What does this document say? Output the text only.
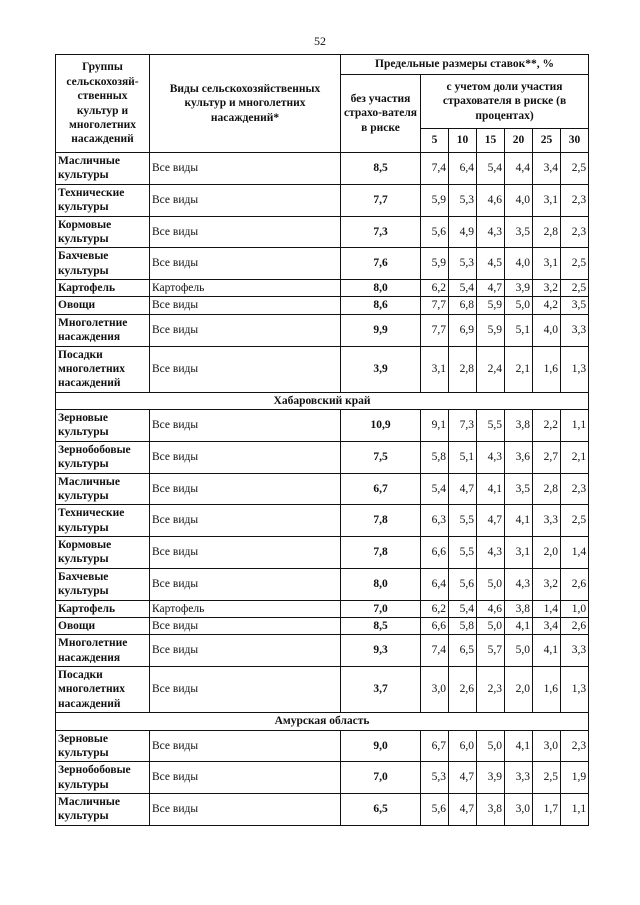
52
Группы сельскохозяй-ственных культур и многолетних насаждений	Виды сельскохозяйственных культур и многолетних насаждений*	Предельные размеры ставок**, %						
		без участия страхо-вателя в риске	с учетом доли участия страхователя в риске (в процентах)					
			5	10	15	20	25	30
Масличные культуры	Все виды	8,5	7,4	6,4	5,4	4,4	3,4	2,5
Технические культуры	Все виды	7,7	5,9	5,3	4,6	4,0	3,1	2,3
Кормовые культуры	Все виды	7,3	5,6	4,9	4,3	3,5	2,8	2,3
Бахчевые культуры	Все виды	7,6	5,9	5,3	4,5	4,0	3,1	2,5
Картофель	Картофель	8,0	6,2	5,4	4,7	3,9	3,2	2,5
Овощи	Все виды	8,6	7,7	6,8	5,9	5,0	4,2	3,5
Многолетние насаждения	Все виды	9,9	7,7	6,9	5,9	5,1	4,0	3,3
Посадки многолетних насаждений	Все виды	3,9	3,1	2,8	2,4	2,1	1,6	1,3
Хабаровский край								
Зерновые культуры	Все виды	10,9	9,1	7,3	5,5	3,8	2,2	1,1
Зернобобовые культуры	Все виды	7,5	5,8	5,1	4,3	3,6	2,7	2,1
Масличные культуры	Все виды	6,7	5,4	4,7	4,1	3,5	2,8	2,3
Технические культуры	Все виды	7,8	6,3	5,5	4,7	4,1	3,3	2,5
Кормовые культуры	Все виды	7,8	6,6	5,5	4,3	3,1	2,0	1,4
Бахчевые культуры	Все виды	8,0	6,4	5,6	5,0	4,3	3,2	2,6
Картофель	Картофель	7,0	6,2	5,4	4,6	3,8	1,4	1,0
Овощи	Все виды	8,5	6,6	5,8	5,0	4,1	3,4	2,6
Многолетние насаждения	Все виды	9,3	7,4	6,5	5,7	5,0	4,1	3,3
Посадки многолетних насаждений	Все виды	3,7	3,0	2,6	2,3	2,0	1,6	1,3
Амурская область								
Зерновые культуры	Все виды	9,0	6,7	6,0	5,0	4,1	3,0	2,3
Зернобобовые культуры	Все виды	7,0	5,3	4,7	3,9	3,3	2,5	1,9
Масличные культуры	Все виды	6,5	5,6	4,7	3,8	3,0	1,7	1,1
